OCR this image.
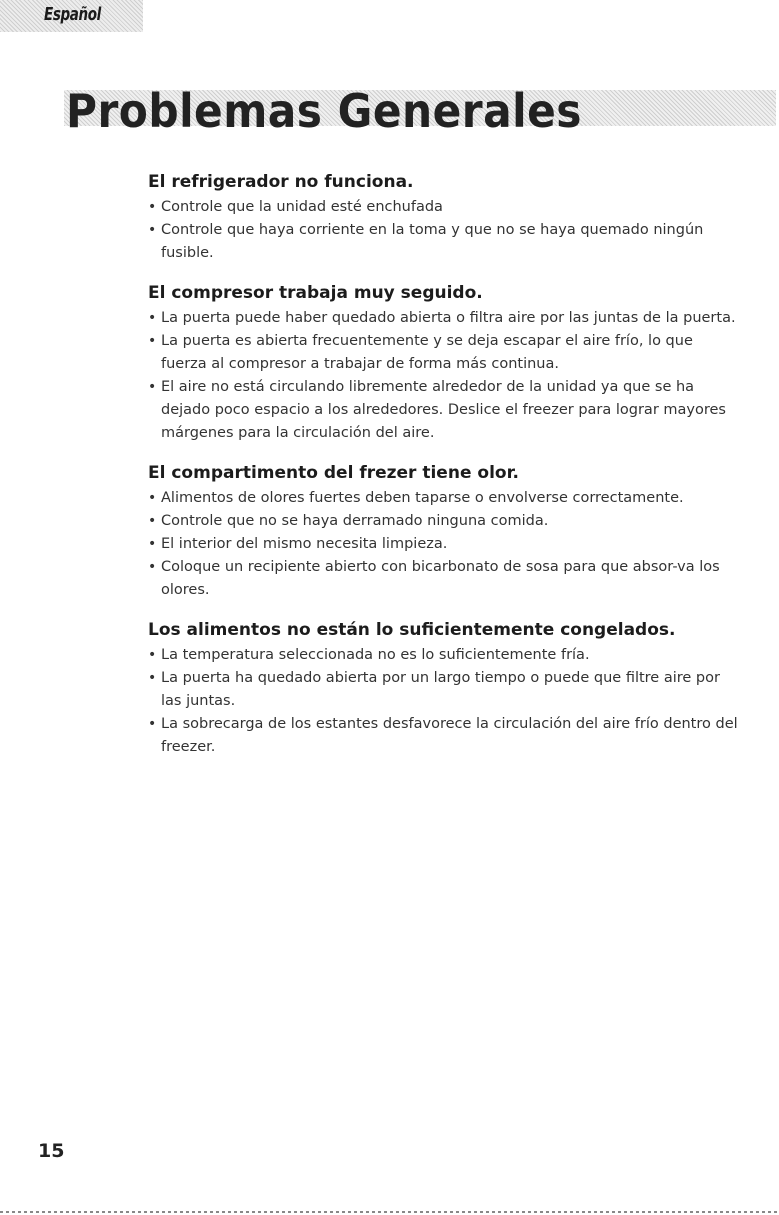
Español
Problemas Generales
El refrigerador no funciona.
• Controle que la unidad esté enchufada
• Controle que haya corriente en la toma y que no se haya quemado ningún fusible.
El compresor trabaja muy seguido.
• La puerta puede haber quedado abierta o filtra aire por las juntas de la puerta.
• La puerta es abierta frecuentemente y se deja escapar el aire frío, lo que fuerza al compresor a trabajar de forma más continua.
• El aire no está circulando libremente alrededor de la unidad ya que se ha dejado poco espacio a los alrededores. Deslice el freezer para lograr mayores márgenes para la circulación del aire.
El compartimento del frezer tiene olor.
• Alimentos de olores fuertes deben taparse o envolverse correctamente.
• Controle que no se haya derramado ninguna comida.
• El interior del mismo necesita limpieza.
• Coloque un recipiente abierto con bicarbonato de sosa para que absor-va los olores.
Los alimentos no están lo suficientemente congelados.
• La temperatura seleccionada no es lo suficientemente fría.
• La puerta ha quedado abierta por un largo tiempo o puede que filtre aire por las juntas.
• La sobrecarga de los estantes desfavorece la circulación del aire frío dentro del freezer.
15
